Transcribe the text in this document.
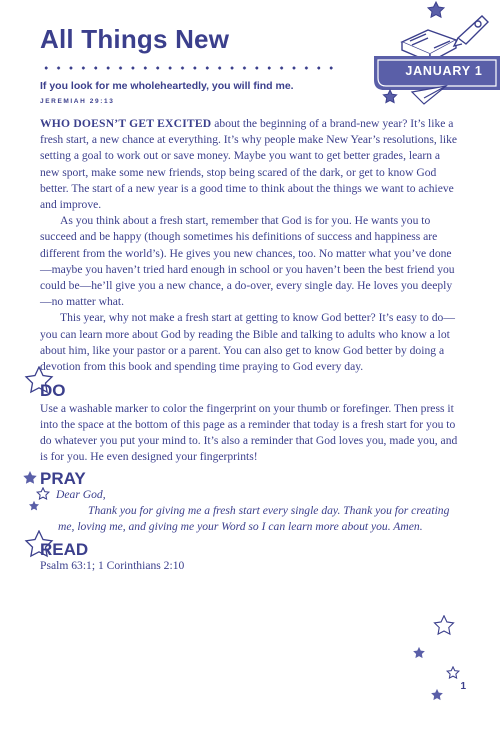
All Things New
If you look for me wholeheartedly, you will find me.
JEREMIAH 29:13
JANUARY 1

WHO DOESN’T GET EXCITED about the beginning of a brand-new year? It’s like a fresh start, a new chance at everything. It’s why people make New Year’s resolutions, like setting a goal to work out or save money. Maybe you want to get better grades, learn a new sport, make some new friends, stop being scared of the dark, or get to know God better. The start of a new year is a good time to think about the things we want to achieve and improve.

As you think about a fresh start, remember that God is for you. He wants you to succeed and be happy (though sometimes his definitions of success and happiness are different from the world’s). He gives you new chances, too. No matter what you’ve done—maybe you haven’t tried hard enough in school or you haven’t been the best friend you could be—he’ll give you a new chance, a do-over, every single day. He loves you deeply—no matter what.

This year, why not make a fresh start at getting to know God better? It’s easy to do—you can learn more about God by reading the Bible and talking to adults who know a lot about him, like your pastor or a parent. You can also get to know God better by doing a devotion from this book and spending time praying to God every day.

DO
Use a washable marker to color the fingerprint on your thumb or forefinger. Then press it into the space at the bottom of this page as a reminder that today is a fresh start for you to do whatever you put your mind to. It’s also a reminder that God loves you, made you, and is for you. He even designed your fingerprints!
PRAY
Dear God,
Thank you for giving me a fresh start every single day. Thank you for creating me, loving me, and giving me your Word so I can learn more about you. Amen.
READ
Psalm 63:1; 1 Corinthians 2:10
1
